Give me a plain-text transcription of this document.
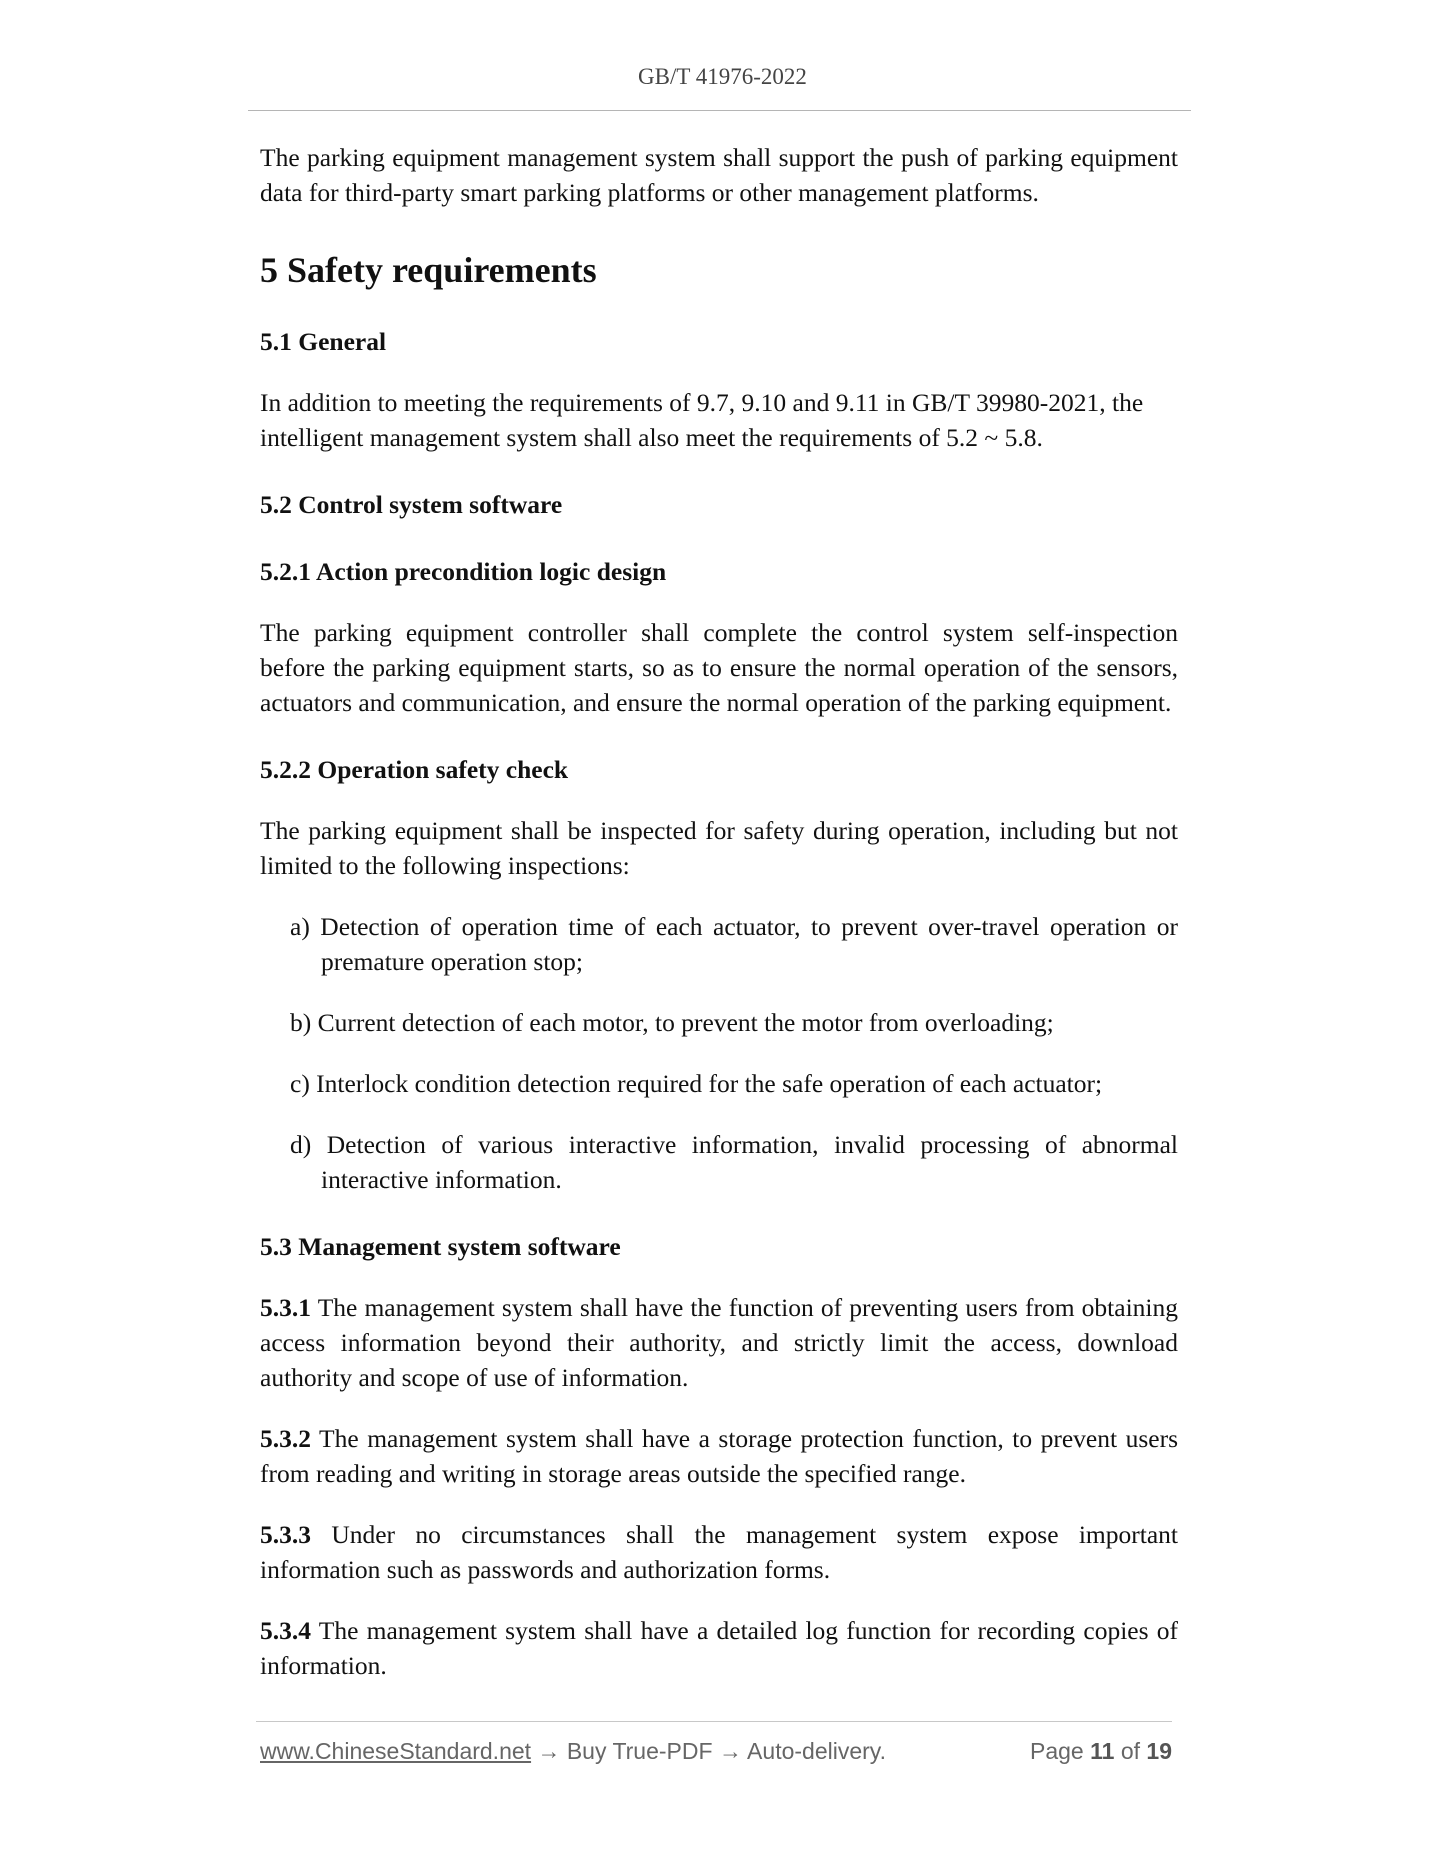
GB/T 41976-2022

The parking equipment management system shall support the push of parking equipment data for third-party smart parking platforms or other management platforms.

5 Safety requirements

5.1 General

In addition to meeting the requirements of 9.7, 9.10 and 9.11 in GB/T 39980-2021, the intelligent management system shall also meet the requirements of 5.2 ~ 5.8.

5.2 Control system software

5.2.1 Action precondition logic design

The parking equipment controller shall complete the control system self-inspection before the parking equipment starts, so as to ensure the normal operation of the sensors, actuators and communication, and ensure the normal operation of the parking equipment.

5.2.2 Operation safety check

The parking equipment shall be inspected for safety during operation, including but not limited to the following inspections:

a) Detection of operation time of each actuator, to prevent over-travel operation or premature operation stop;
b) Current detection of each motor, to prevent the motor from overloading;
c) Interlock condition detection required for the safe operation of each actuator;
d) Detection of various interactive information, invalid processing of abnormal interactive information.

5.3 Management system software

5.3.1 The management system shall have the function of preventing users from obtaining access information beyond their authority, and strictly limit the access, download authority and scope of use of information.

5.3.2 The management system shall have a storage protection function, to prevent users from reading and writing in storage areas outside the specified range.

5.3.3 Under no circumstances shall the management system expose important information such as passwords and authorization forms.

5.3.4 The management system shall have a detailed log function for recording copies of information.

www.ChineseStandard.net → Buy True-PDF → Auto-delivery.	Page 11 of 19
